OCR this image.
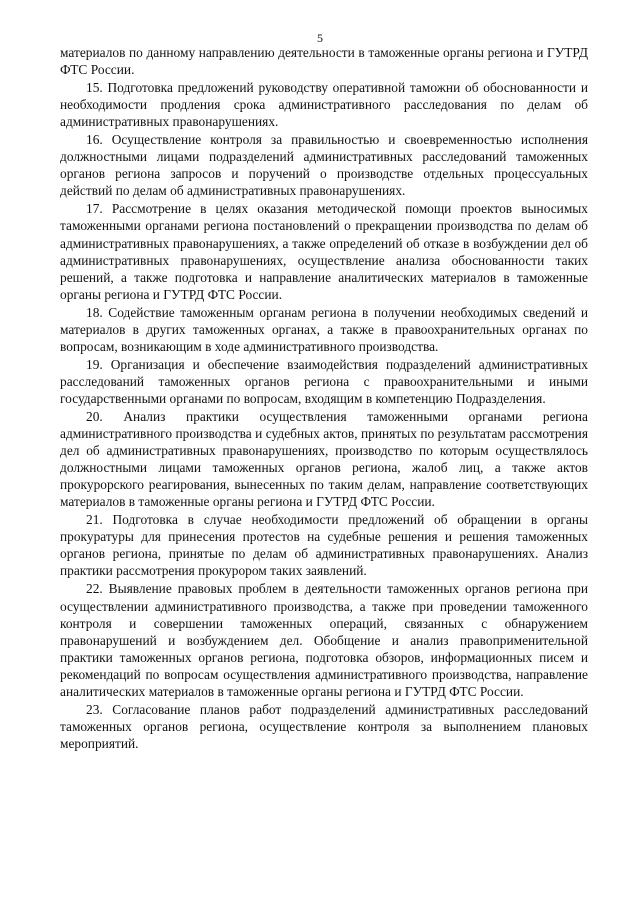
5

материалов по данному направлению деятельности в таможенные органы региона и ГУТРД ФТС России.

15. Подготовка предложений руководству оперативной таможни об обоснованности и необходимости продления срока административного расследования по делам об административных правонарушениях.

16. Осуществление контроля за правильностью и своевременностью исполнения должностными лицами подразделений административных расследований таможенных органов региона запросов и поручений о производстве отдельных процессуальных действий по делам об административных правонарушениях.

17. Рассмотрение в целях оказания методической помощи проектов выносимых таможенными органами региона постановлений о прекращении производства по делам об административных правонарушениях, а также определений об отказе в возбуждении дел об административных правонарушениях, осуществление анализа обоснованности таких решений, а также подготовка и направление аналитических материалов в таможенные органы региона и ГУТРД ФТС России.

18. Содействие таможенным органам региона в получении необходимых сведений и материалов в других таможенных органах, а также в правоохранительных органах по вопросам, возникающим в ходе административного производства.

19. Организация и обеспечение взаимодействия подразделений административных расследований таможенных органов региона с правоохранительными и иными государственными органами по вопросам, входящим в компетенцию Подразделения.

20. Анализ практики осуществления таможенными органами региона административного производства и судебных актов, принятых по результатам рассмотрения дел об административных правонарушениях, производство по которым осуществлялось должностными лицами таможенных органов региона, жалоб лиц, а также актов прокурорского реагирования, вынесенных по таким делам, направление соответствующих материалов в таможенные органы региона и ГУТРД ФТС России.

21. Подготовка в случае необходимости предложений об обращении в органы прокуратуры для принесения протестов на судебные решения и решения таможенных органов региона, принятые по делам об административных правонарушениях. Анализ практики рассмотрения прокурором таких заявлений.

22. Выявление правовых проблем в деятельности таможенных органов региона при осуществлении административного производства, а также при проведении таможенного контроля и совершении таможенных операций, связанных с обнаружением правонарушений и возбуждением дел. Обобщение и анализ правоприменительной практики таможенных органов региона, подготовка обзоров, информационных писем и рекомендаций по вопросам осуществления административного производства, направление аналитических материалов в таможенные органы региона и ГУТРД ФТС России.

23. Согласование планов работ подразделений административных расследований таможенных органов региона, осуществление контроля за выполнением плановых мероприятий.
